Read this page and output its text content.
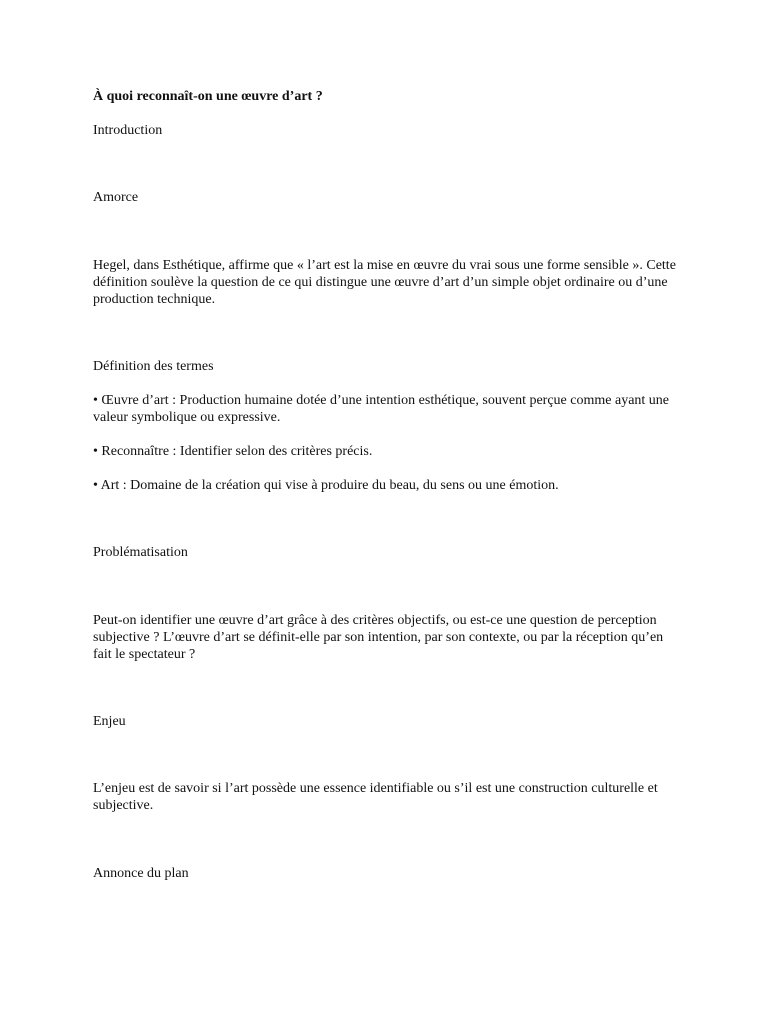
À quoi reconnaît-on une œuvre d’art ?

Introduction

Amorce

Hegel, dans Esthétique, affirme que « l’art est la mise en œuvre du vrai sous une forme sensible ». Cette définition soulève la question de ce qui distingue une œuvre d’art d’un simple objet ordinaire ou d’une production technique.

Définition des termes

• Œuvre d’art : Production humaine dotée d’une intention esthétique, souvent perçue comme ayant une valeur symbolique ou expressive.

• Reconnaître : Identifier selon des critères précis.

• Art : Domaine de la création qui vise à produire du beau, du sens ou une émotion.

Problématisation

Peut-on identifier une œuvre d’art grâce à des critères objectifs, ou est-ce une question de perception subjective ? L’œuvre d’art se définit-elle par son intention, par son contexte, ou par la réception qu’en fait le spectateur ?

Enjeu

L’enjeu est de savoir si l’art possède une essence identifiable ou s’il est une construction culturelle et subjective.

Annonce du plan
